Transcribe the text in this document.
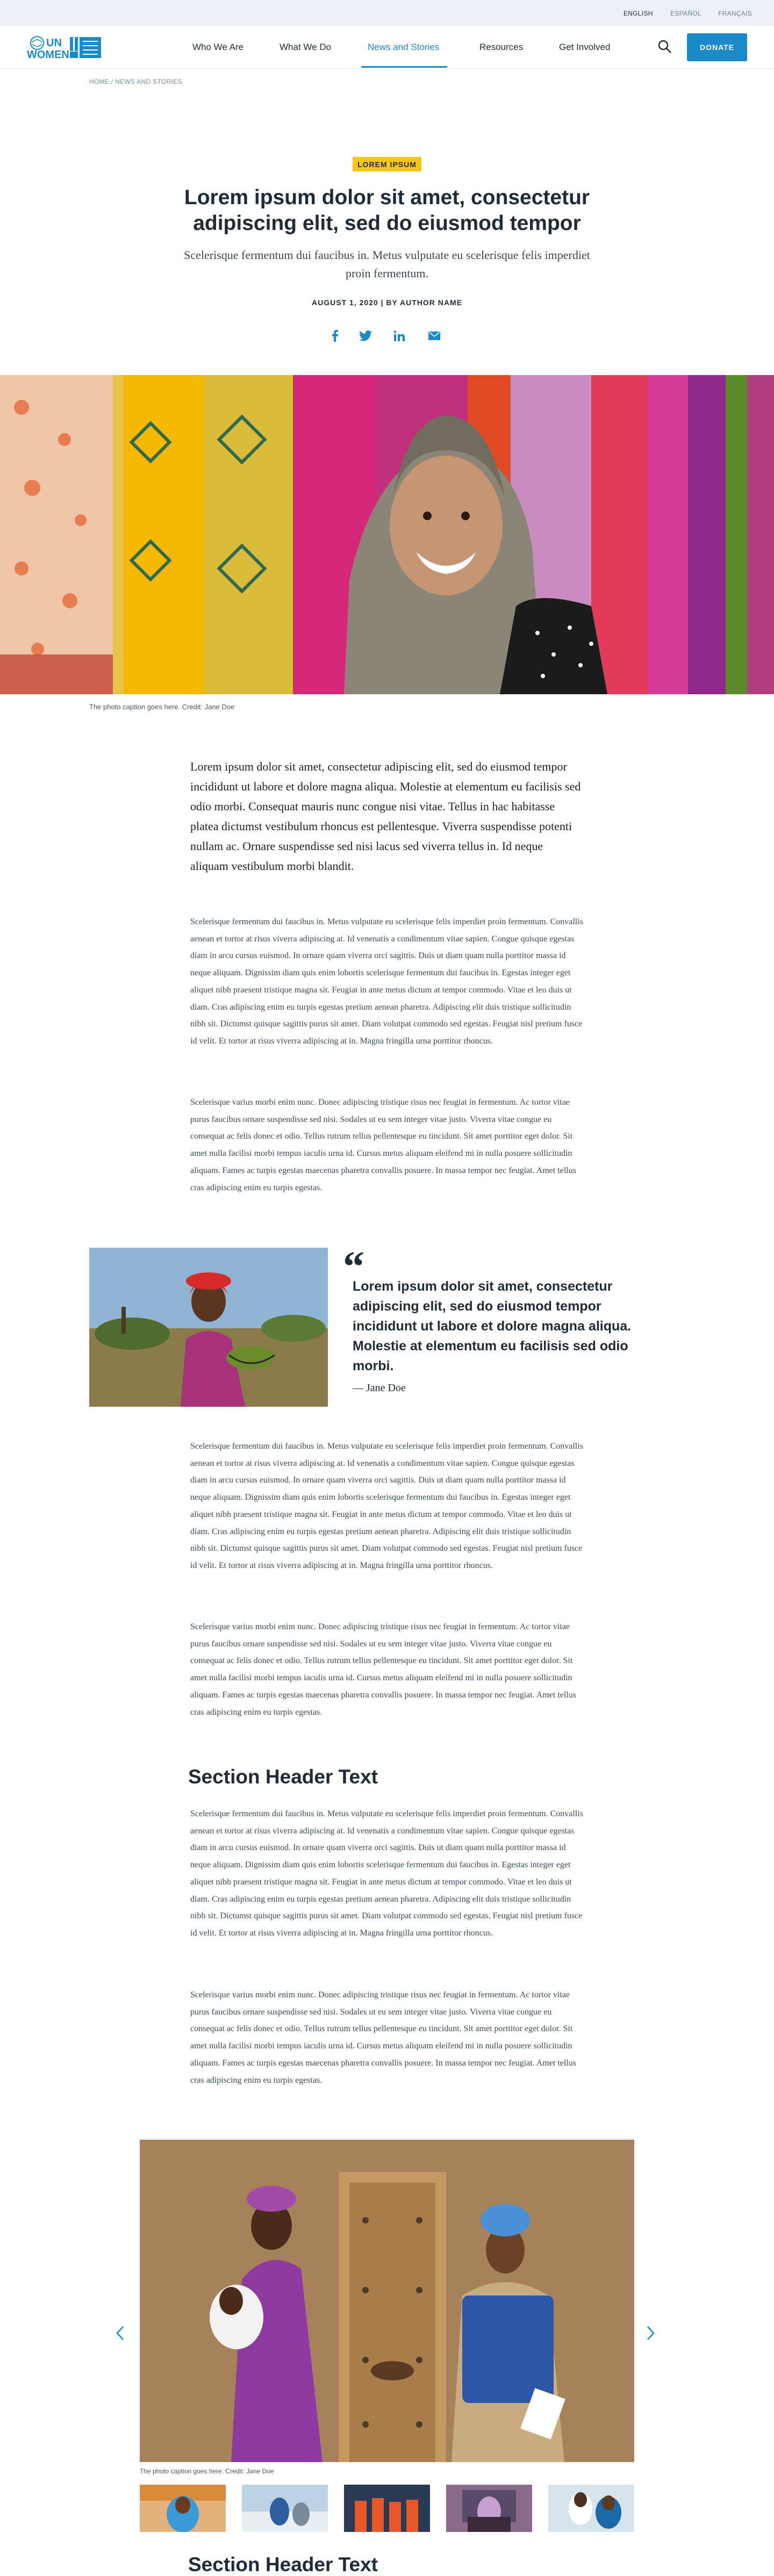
ENGLISH	ESPAÑOL	FRANÇAIS
UN
WOMEN
Who We Are	What We Do	News and Stories	Resources	Get Involved	DONATE
HOME / NEWS AND STORIES
LOREM IPSUM
Lorem ipsum dolor sit amet, consectetur adipiscing elit, sed do eiusmod tempor

Scelerisque fermentum dui faucibus in. Metus vulputate eu scelerisque felis imperdiet proin fermentum.

AUGUST 1, 2020 | BY AUTHOR NAME
The photo caption goes here. Credit: Jane Doe

Lorem ipsum dolor sit amet, consectetur adipiscing elit, sed do eiusmod tempor incididunt ut labore et dolore magna aliqua. Molestie at elementum eu facilisis sed odio morbi. Consequat mauris nunc congue nisi vitae. Tellus in hac habitasse platea dictumst vestibulum rhoncus est pellentesque. Viverra suspendisse potenti nullam ac. Ornare suspendisse sed nisi lacus sed viverra tellus in. Id neque aliquam vestibulum morbi blandit.

Scelerisque fermentum dui faucibus in. Metus vulputate eu scelerisque felis imperdiet proin fermentum. Convallis aenean et tortor at risus viverra adipiscing at. Id venenatis a condimentum vitae sapien. Congue quisque egestas diam in arcu cursus euismod. In ornare quam viverra orci sagittis. Duis ut diam quam nulla porttitor massa id neque aliquam. Dignissim diam quis enim lobortis scelerisque fermentum dui faucibus in. Egestas integer eget aliquet nibh praesent tristique magna sit. Feugiat in ante metus dictum at tempor commodo. Vitae et leo duis ut diam. Cras adipiscing enim eu turpis egestas pretium aenean pharetra. Adipiscing elit duis tristique sollicitudin nibh sit. Dictumst quisque sagittis purus sit amet. Diam volutpat commodo sed egestas. Feugiat nisl pretium fusce id velit. Et tortor at risus viverra adipiscing at in. Magna fringilla urna porttitor rhoncus.

Scelerisque varius morbi enim nunc. Donec adipiscing tristique risus nec feugiat in fermentum. Ac tortor vitae purus faucibus ornare suspendisse sed nisi. Sodales ut eu sem integer vitae justo. Viverra vitae congue eu consequat ac felis donec et odio. Tellus rutrum tellus pellentesque eu tincidunt. Sit amet porttitor eget dolor. Sit amet nulla facilisi morbi tempus iaculis urna id. Cursus metus aliquam eleifend mi in nulla posuere sollicitudin aliquam. Fames ac turpis egestas maecenas pharetra convallis posuere. In massa tempor nec feugiat. Amet tellus cras adipiscing enim eu turpis egestas.

“

Lorem ipsum dolor sit amet, consectetur adipiscing elit, sed do eiusmod tempor incididunt ut labore et dolore magna aliqua. Molestie at elementum eu facilisis sed odio morbi.

— Jane Doe

Scelerisque fermentum dui faucibus in. Metus vulputate eu scelerisque felis imperdiet proin fermentum. Convallis aenean et tortor at risus viverra adipiscing at. Id venenatis a condimentum vitae sapien. Congue quisque egestas diam in arcu cursus euismod. In ornare quam viverra orci sagittis. Duis ut diam quam nulla porttitor massa id neque aliquam. Dignissim diam quis enim lobortis scelerisque fermentum dui faucibus in. Egestas integer eget aliquet nibh praesent tristique magna sit. Feugiat in ante metus dictum at tempor commodo. Vitae et leo duis ut diam. Cras adipiscing enim eu turpis egestas pretium aenean pharetra. Adipiscing elit duis tristique sollicitudin nibh sit. Dictumst quisque sagittis purus sit amet. Diam volutpat commodo sed egestas. Feugiat nisl pretium fusce id velit. Et tortor at risus viverra adipiscing at in. Magna fringilla urna porttitor rhoncus.

Scelerisque varius morbi enim nunc. Donec adipiscing tristique risus nec feugiat in fermentum. Ac tortor vitae purus faucibus ornare suspendisse sed nisi. Sodales ut eu sem integer vitae justo. Viverra vitae congue eu consequat ac felis donec et odio. Tellus rutrum tellus pellentesque eu tincidunt. Sit amet porttitor eget dolor. Sit amet nulla facilisi morbi tempus iaculis urna id. Cursus metus aliquam eleifend mi in nulla posuere sollicitudin aliquam. Fames ac turpis egestas maecenas pharetra convallis posuere. In massa tempor nec feugiat. Amet tellus cras adipiscing enim eu turpis egestas.

Section Header Text

Scelerisque fermentum dui faucibus in. Metus vulputate eu scelerisque felis imperdiet proin fermentum. Convallis aenean et tortor at risus viverra adipiscing at. Id venenatis a condimentum vitae sapien. Congue quisque egestas diam in arcu cursus euismod. In ornare quam viverra orci sagittis. Duis ut diam quam nulla porttitor massa id neque aliquam. Dignissim diam quis enim lobortis scelerisque fermentum dui faucibus in. Egestas integer eget aliquet nibh praesent tristique magna sit. Feugiat in ante metus dictum at tempor commodo. Vitae et leo duis ut diam. Cras adipiscing enim eu turpis egestas pretium aenean pharetra. Adipiscing elit duis tristique sollicitudin nibh sit. Dictumst quisque sagittis purus sit amet. Diam volutpat commodo sed egestas. Feugiat nisl pretium fusce id velit. Et tortor at risus viverra adipiscing at in. Magna fringilla urna porttitor rhoncus.

Scelerisque varius morbi enim nunc. Donec adipiscing tristique risus nec feugiat in fermentum. Ac tortor vitae purus faucibus ornare suspendisse sed nisi. Sodales ut eu sem integer vitae justo. Viverra vitae congue eu consequat ac felis donec et odio. Tellus rutrum tellus pellentesque eu tincidunt. Sit amet porttitor eget dolor. Sit amet nulla facilisi morbi tempus iaculis urna id. Cursus metus aliquam eleifend mi in nulla posuere sollicitudin aliquam. Fames ac turpis egestas maecenas pharetra convallis posuere. In massa tempor nec feugiat. Amet tellus cras adipiscing enim eu turpis egestas.

The photo caption goes here. Credit: Jane Doe
Section Header Text
